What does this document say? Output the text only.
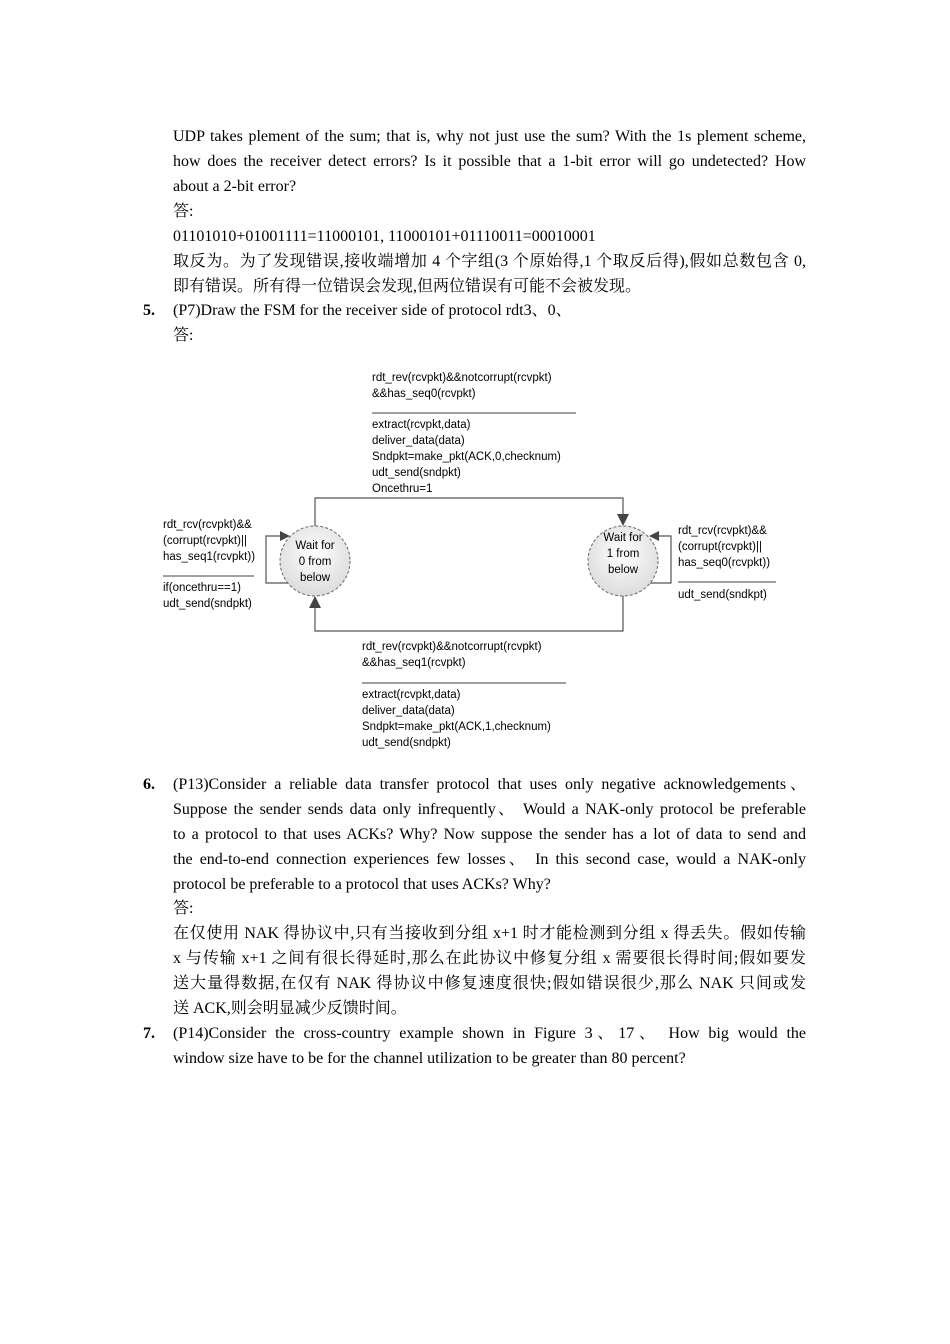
UDP takes plement of the sum; that is, why not just use the sum? With the 1s plement scheme,
how does the receiver detect errors? Is it possible that a 1-bit error will go undetected? How
about a 2-bit error?
答:
01101010+01001111=11000101, 11000101+01110011=00010001
取反为。为了发现错误,接收端增加 4 个字组(3 个原始得,1 个取反后得),假如总数包含 0,
即有错误。所有得一位错误会发现,但两位错误有可能不会被发现。
5. (P7)Draw the FSM for the receiver side of protocol rdt3、0、
答:
Wait for
0 from
below
Wait for
1 from
below
rdt_rev(rcvpkt)&&notcorrupt(rcvpkt)
&&has_seq0(rcvpkt)
extract(rcvpkt,data)
deliver_data(data)
Sndpkt=make_pkt(ACK,0,checknum)
udt_send(sndpkt)
Oncethru=1
rdt_rcv(rcvpkt)&&
(corrupt(rcvpkt)||
has_seq1(rcvpkt))
if(oncethru==1)
udt_send(sndpkt)
rdt_rcv(rcvpkt)&&
(corrupt(rcvpkt)||
has_seq0(rcvpkt))
udt_send(sndkpt)
rdt_rev(rcvpkt)&&notcorrupt(rcvpkt)
&&has_seq1(rcvpkt)
extract(rcvpkt,data)
deliver_data(data)
Sndpkt=make_pkt(ACK,1,checknum)
udt_send(sndpkt)
6. (P13)Consider a reliable data transfer protocol that uses only negative acknowledgements、
Suppose the sender sends data only infrequently、 Would a NAK-only protocol be preferable
to a protocol to that uses ACKs? Why? Now suppose the sender has a lot of data to send and
the end-to-end connection experiences few losses、 In this second case, would a NAK-only
protocol be preferable to a protocol that uses ACKs? Why?
答:
在仅使用 NAK 得协议中,只有当接收到分组 x+1 时才能检测到分组 x 得丢失。假如传输
x 与传输 x+1 之间有很长得延时,那么在此协议中修复分组 x 需要很长得时间;假如要发
送大量得数据,在仅有 NAK 得协议中修复速度很快;假如错误很少,那么 NAK 只间或发
送 ACK,则会明显减少反馈时间。
7. (P14)Consider the cross-country example shown in Figure 3、17、 How big would the
window size have to be for the channel utilization to be greater than 80 percent?
